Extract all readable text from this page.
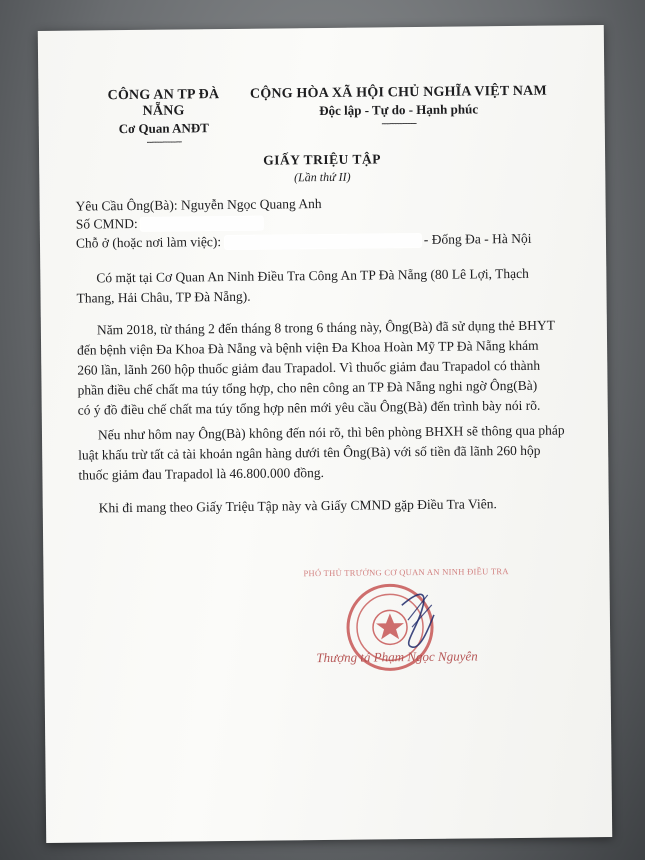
CÔNG AN TP ĐÀ NẴNG
Cơ Quan ANĐT
-------------
CỘNG HÒA XÃ HỘI CHỦ NGHĨA VIỆT NAM
Độc lập - Tự do - Hạnh phúc
-------------
GIẤY TRIỆU TẬP
(Lần thứ II)
Yêu Cầu Ông(Bà): Nguyễn Ngọc Quang Anh
Số CMND:
Chỗ ở (hoặc nơi làm việc):	- Đống Đa - Hà Nội
Có mặt tại Cơ Quan An Ninh Điều Tra Công An TP Đà Nẵng (80 Lê Lợi, Thạch
Thang, Hải Châu, TP Đà Nẵng).
Năm 2018, từ tháng 2 đến tháng 8 trong 6 tháng này, Ông(Bà) đã sử dụng thẻ BHYT
đến bệnh viện Đa Khoa Đà Nẵng và bệnh viện Đa Khoa Hoàn Mỹ TP Đà Nẵng khám
260 lần, lãnh 260 hộp thuốc giảm đau Trapadol. Vì thuốc giảm đau Trapadol có thành
phần điều chế chất ma túy tổng hợp, cho nên công an TP Đà Nẵng nghi ngờ Ông(Bà)
có ý đồ điều chế chất ma túy tổng hợp nên mới yêu cầu Ông(Bà) đến trình bày nói rõ.
Nếu như hôm nay Ông(Bà) không đến nói rõ, thì bên phòng BHXH sẽ thông qua pháp
luật khấu trừ tất cả tài khoản ngân hàng dưới tên Ông(Bà) với số tiền đã lãnh 260 hộp
thuốc giảm đau Trapadol là 46.800.000 đồng.
Khi đi mang theo Giấy Triệu Tập này và Giấy CMND gặp Điều Tra Viên.
PHÓ THỦ TRƯỞNG CƠ QUAN AN NINH ĐIỀU TRA
Thượng tá Phạm Ngọc Nguyên
